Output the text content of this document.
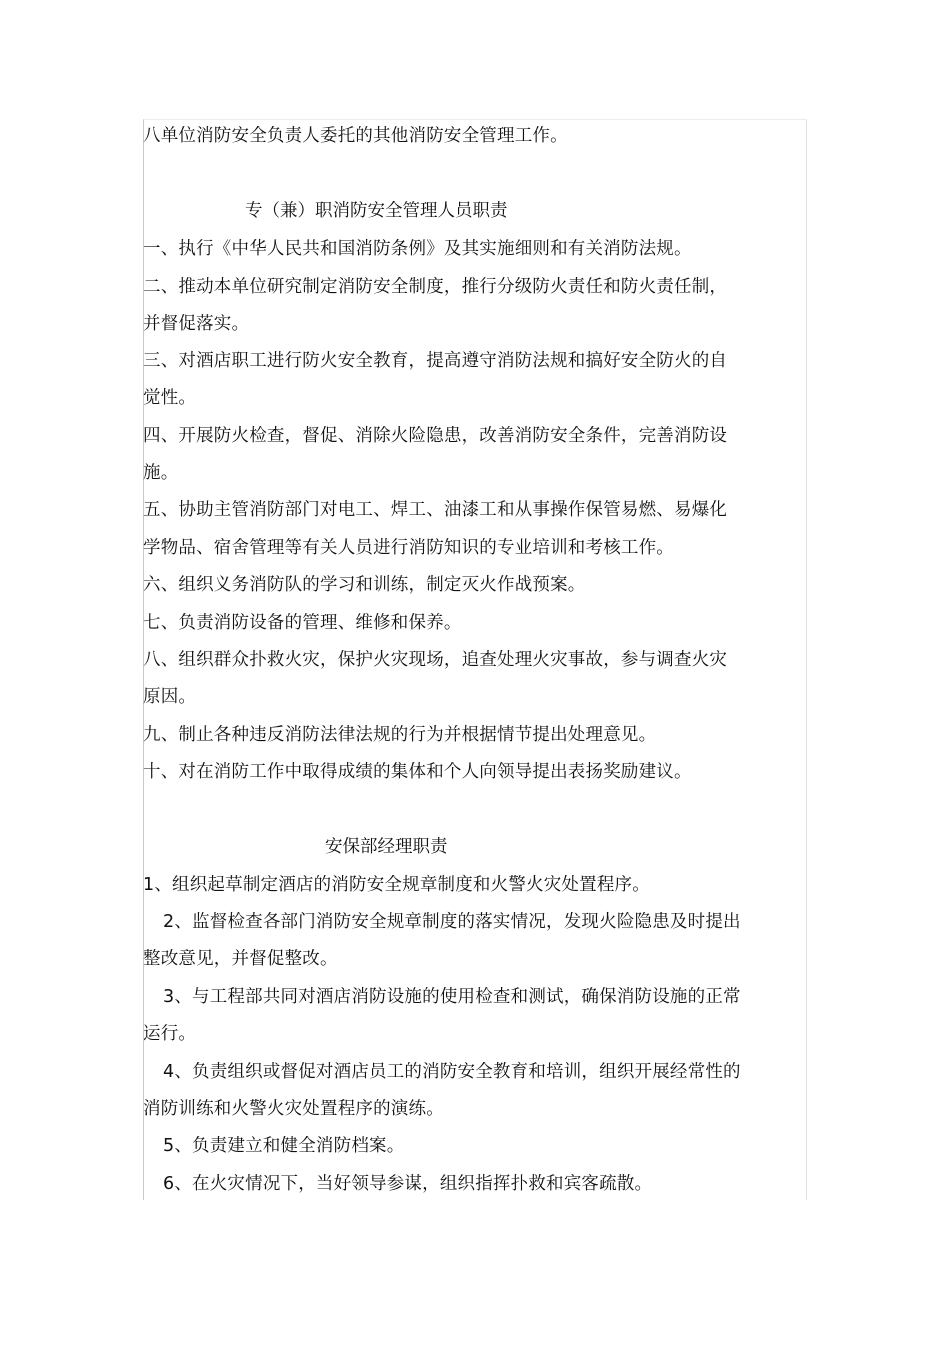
八单位消防安全负责人委托的其他消防安全管理工作。
专（兼）职消防安全管理人员职责
一、执行《中华人民共和国消防条例》及其实施细则和有关消防法规。
二、推动本单位研究制定消防安全制度，推行分级防火责任和防火责任制，
并督促落实。
三、对酒店职工进行防火安全教育，提高遵守消防法规和搞好安全防火的自
觉性。
四、开展防火检查，督促、消除火险隐患，改善消防安全条件，完善消防设
施。
五、协助主管消防部门对电工、焊工、油漆工和从事操作保管易燃、易爆化
学物品、宿舍管理等有关人员进行消防知识的专业培训和考核工作。
六、组织义务消防队的学习和训练，制定灭火作战预案。
七、负责消防设备的管理、维修和保养。
八、组织群众扑救火灾，保护火灾现场，追查处理火灾事故，参与调查火灾
原因。
九、制止各种违反消防法律法规的行为并根据情节提出处理意见。
十、对在消防工作中取得成绩的集体和个人向领导提出表扬奖励建议。
安保部经理职责
1、组织起草制定酒店的消防安全规章制度和火警火灾处置程序。
2、监督检查各部门消防安全规章制度的落实情况，发现火险隐患及时提出
整改意见，并督促整改。
3、与工程部共同对酒店消防设施的使用检查和测试，确保消防设施的正常
运行。
4、负责组织或督促对酒店员工的消防安全教育和培训，组织开展经常性的
消防训练和火警火灾处置程序的演练。
5、负责建立和健全消防档案。
6、在火灾情况下，当好领导参谋，组织指挥扑救和宾客疏散。
